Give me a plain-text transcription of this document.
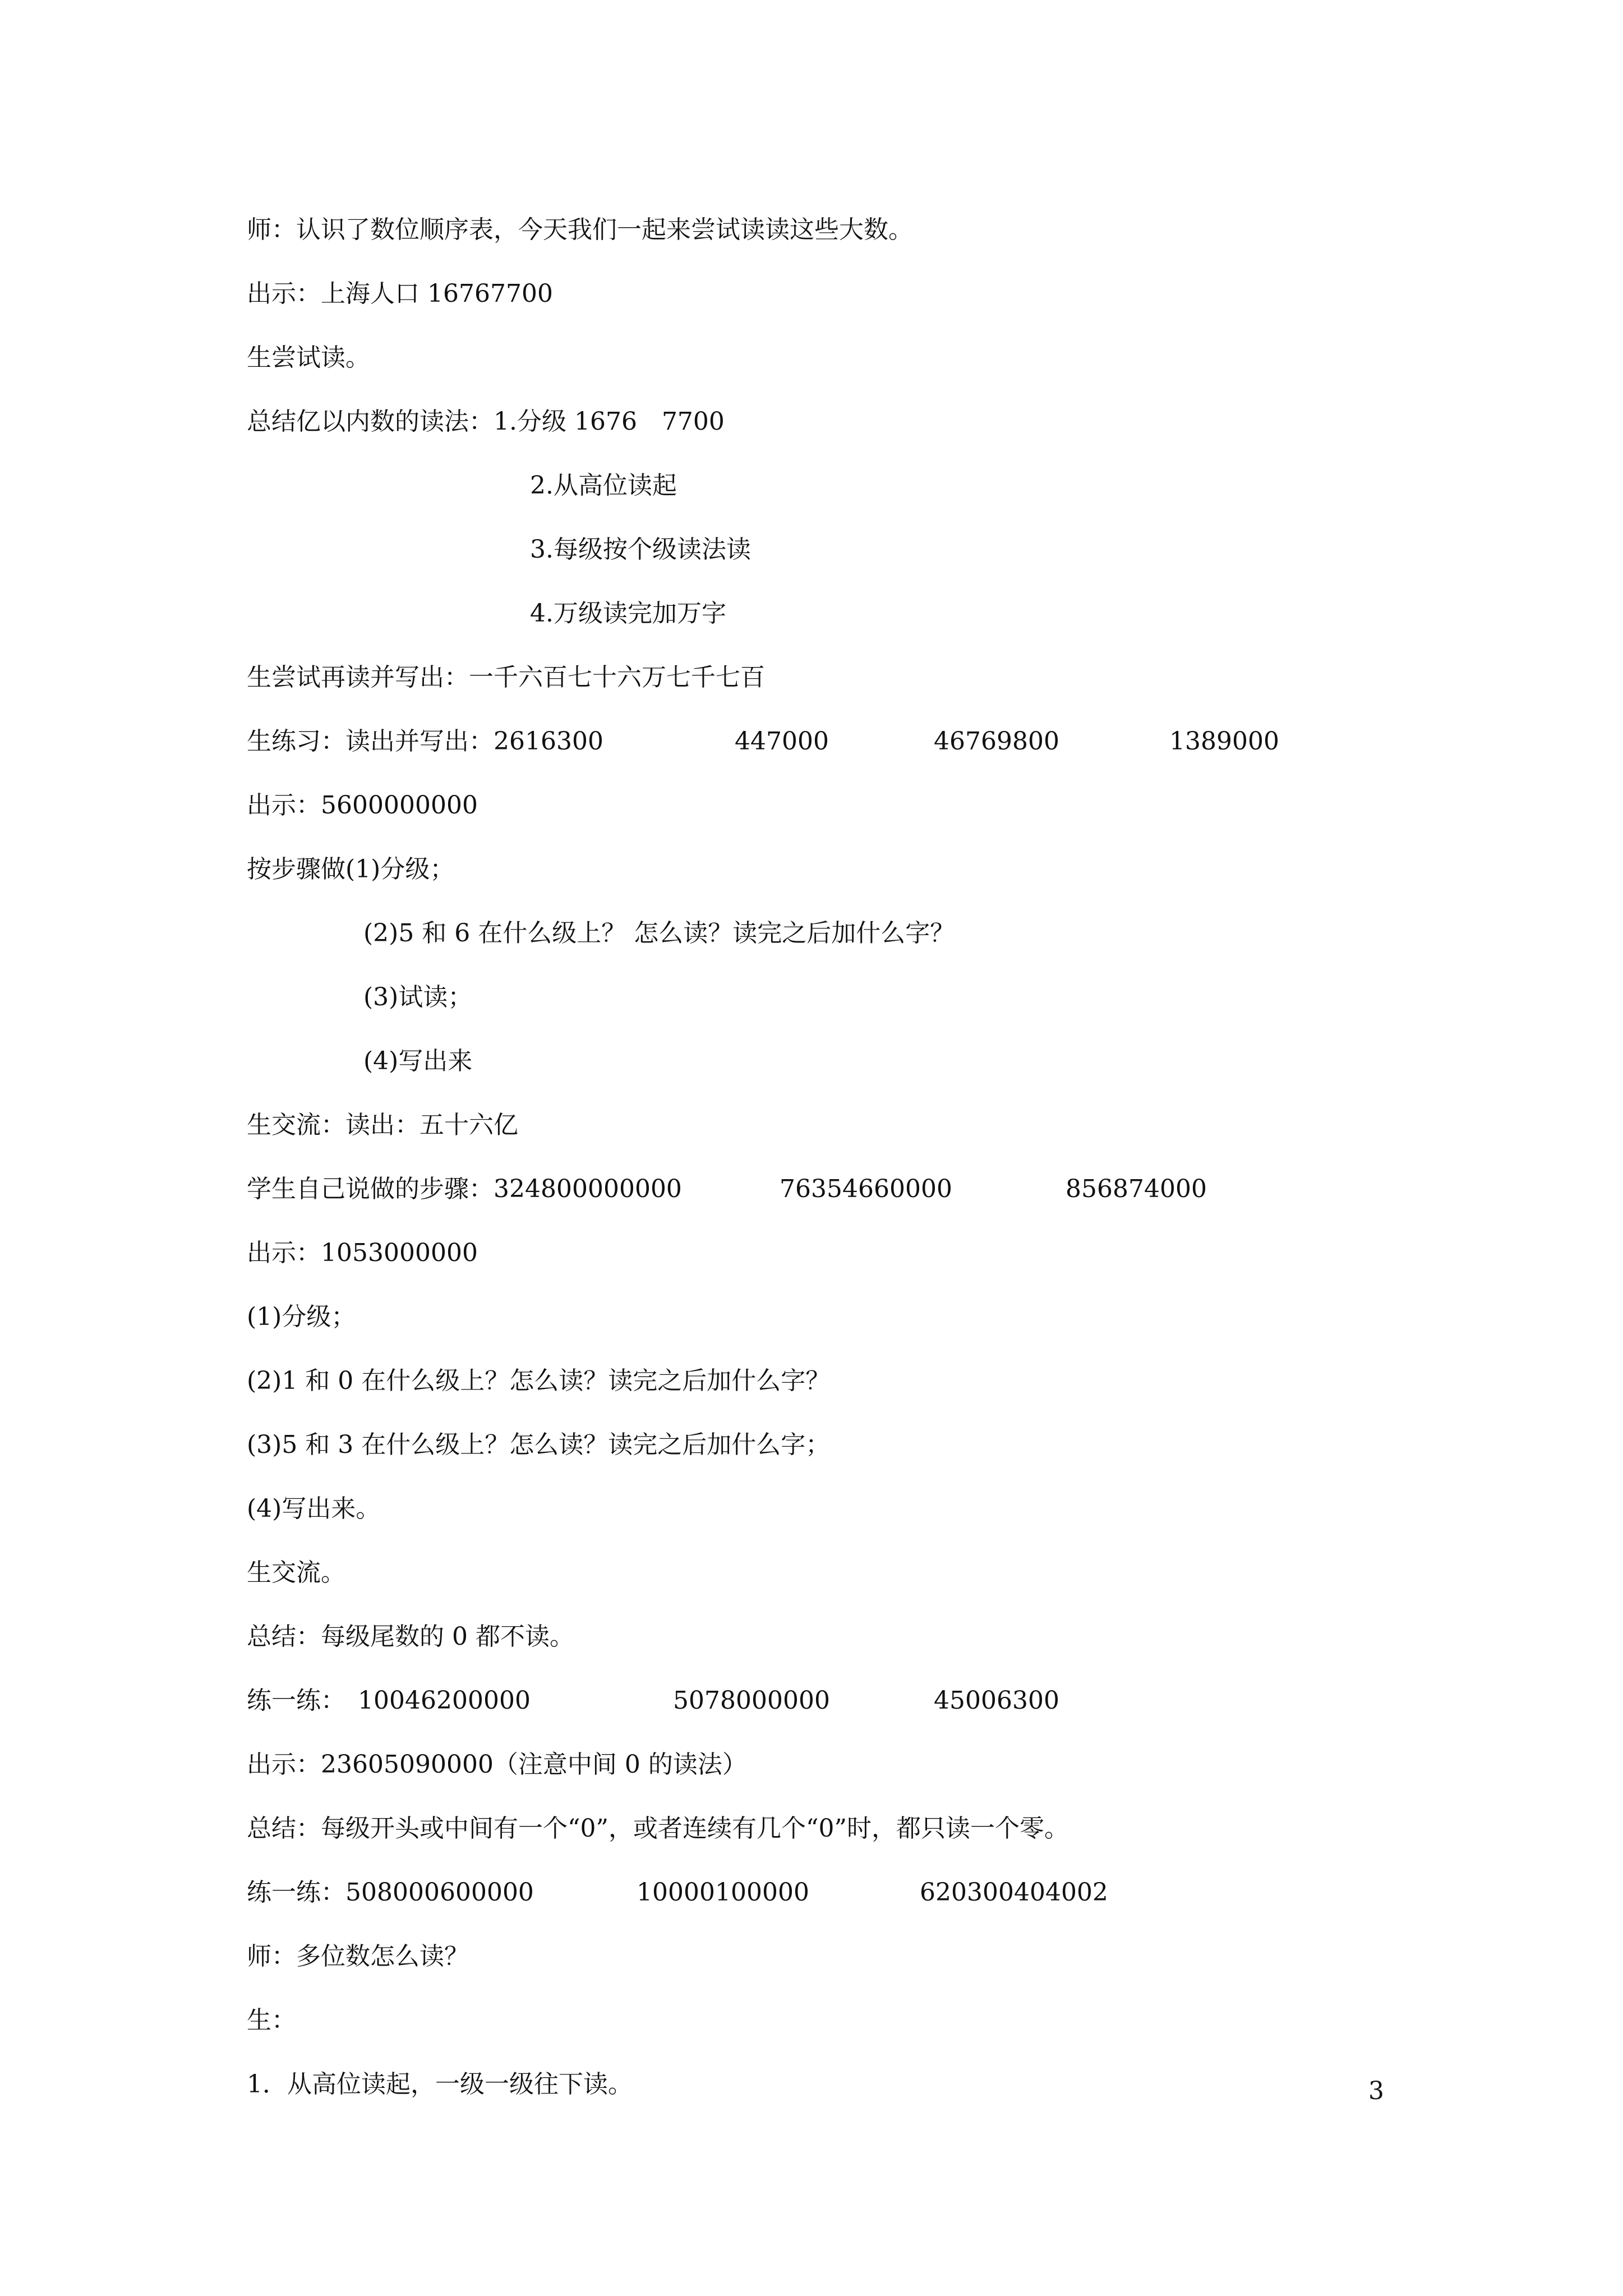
师：认识了数位顺序表，今天我们一起来尝试读读这些大数。
出示：上海人口 16767700
生尝试读。
总结亿以内数的读法：1.分级 1676　7700
2.从高位读起
3.每级按个级读法读
4.万级读完加万字
生尝试再读并写出：一千六百七十六万七千七百
生练习：读出并写出：2616300	447000	46769800	1389000
出示：5600000000
按步骤做(1)分级；
(2)5 和 6 在什么级上？ 怎么读？读完之后加什么字？
(3)试读；
(4)写出来
生交流：读出：五十六亿
学生自己说做的步骤：324800000000	76354660000	856874000
出示：1053000000
(1)分级；
(2)1 和 0 在什么级上？怎么读？读完之后加什么字？
(3)5 和 3 在什么级上？怎么读？读完之后加什么字；
(4)写出来。
生交流。
总结：每级尾数的 0 都不读。
练一练：　10046200000	5078000000	45006300
出示：23605090000（注意中间 0 的读法）
总结：每级开头或中间有一个“0”，或者连续有几个“0”时，都只读一个零。
练一练：508000600000	10000100000	620300404002
师：多位数怎么读？
生：
1．从高位读起，一级一级往下读。	3
